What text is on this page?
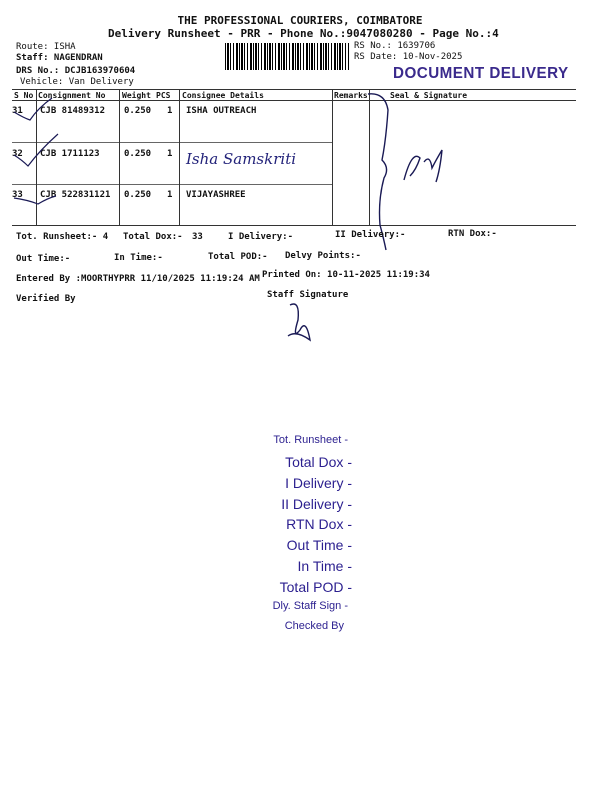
THE PROFESSIONAL COURIERS, COIMBATORE
Delivery Runsheet - PRR - Phone No.:9047080280 - Page No.:4
Route: ISHA
Staff: NAGENDRAN
DRS No.: DCJB163970604
Vehicle: Van Delivery
RS No.: 1639706
RS Date: 10-Nov-2025
DOCUMENT DELIVERY
S No Consignment No Weight PCS Consignee Details	Remarks	Seal & Signature
31 CJB 81489312 0.250 1 ISHA OUTREACH
32 CJB 1711123	0.250 1 Isha Samskriti
33 CJB 522831121 0.250 1 VIJAYASHREE
Tot. Runsheet:- 4 Total Dox:- 33	I Delivery:-	II Delivery:-	RTN Dox:-
Out Time:-	In Time:-	Total POD:- Delvy Points:-
Entered By :MOORTHYPRR 11/10/2025 11:19:24 AM Printed On: 10-11-2025 11:19:34
Verified By	Staff Signature
Tot. Runsheet -
Total Dox -
I Delivery -
II Delivery -
RTN Dox -
Out Time -
In Time -
Total POD -
Dly. Staff Sign -
Checked By
